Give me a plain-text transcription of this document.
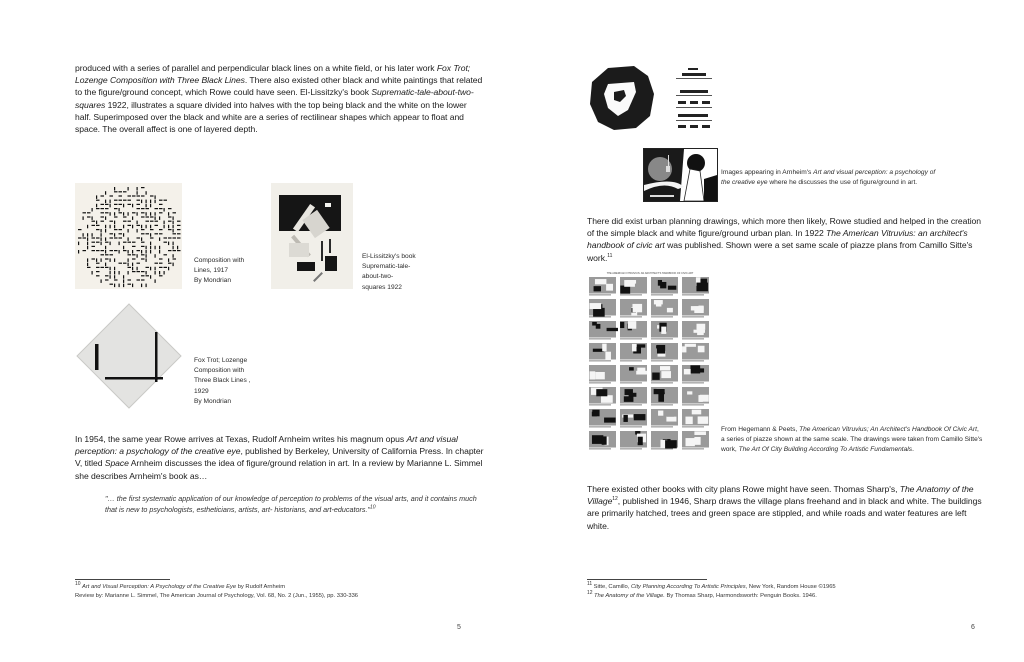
produced with a series of parallel and perpendicular black lines on a white field, or his later work Fox Trot; Lozenge Composition with Three Black Lines. There also existed other black and white paintings that related to the figure/ground concept, which Rowe could have seen. El-Lissitzky's book Suprematic-tale-about-two-squares 1922, illustrates a square divided into halves with the top being black and the white on the lower half. Superimposed over the black and white are a series of rectilinear shapes which appear to float and space. The overall affect is one of layered depth.
Composition with
Lines, 1917
By Mondrian
El-Lissitzky's book
Suprematic-tale-
about-two-
squares 1922
Fox Trot; Lozenge
Composition with
Three Black Lines ,
1929
By Mondrian
In 1954, the same year Rowe arrives at Texas, Rudolf Arnheim writes his magnum opus Art and visual perception: a psychology of the creative eye, published by Berkeley, University of California Press. In chapter V, titled Space Arnheim discusses the idea of figure/ground relation in art. In a review by Marianne L. Simmel she describes Arnheim's book as…
"… the first systematic application of our knowledge of perception to problems of the visual arts, and it contains much that is new to psychologists, estheticians, artists, art- historians, and art-educators."$^{10}$
$^{10}$ Art and Visual Perception: A Psychology of the Creative Eye by Rudolf Arnheim
Review by: Marianne L. Simmel, The American Journal of Psychology, Vol. 68, No. 2 (Jun., 1955), pp. 330-336
5
Images appearing in Arnheim's Art and visual perception: a psychology of the creative eye where he discusses the use of figure/ground in art.
There did exist urban planning drawings, which more then likely, Rowe studied and helped in the creation of the simple black and white figure/ground urban plan. In 1922 The American Vitruvius: an architect's handbook of civic art was published. Shown were a set same scale of piazze plans from Camillo Sitte's work.$^{11}$
THE AMERICAN VITRUVIUS: AN ARCHITECT'S HANDBOOK OF CIVIC ART
From Hegemann & Peets, The American Vitruvius; An Architect's Handbook Of Civic Art, a series of piazze shown at the same scale. The drawings were taken from Camillo Sitte's work, The Art Of City Building According To Artistic Fundamentals.
There existed other books with city plans Rowe might have seen. Thomas Sharp's, The Anatomy of the Village$^{12}$, published in 1946, Sharp draws the village plans freehand and in black and white. The buildings are primarily hatched, trees and green space are stippled, and while roads and water features are left white.
$^{11}$ Sitte, Camillo, City Planning According To Artistic Principles, New York, Random House ©1965
$^{12}$ The Anatomy of the Village. By Thomas Sharp, Harmondsworth: Penguin Books. 1946.
6
